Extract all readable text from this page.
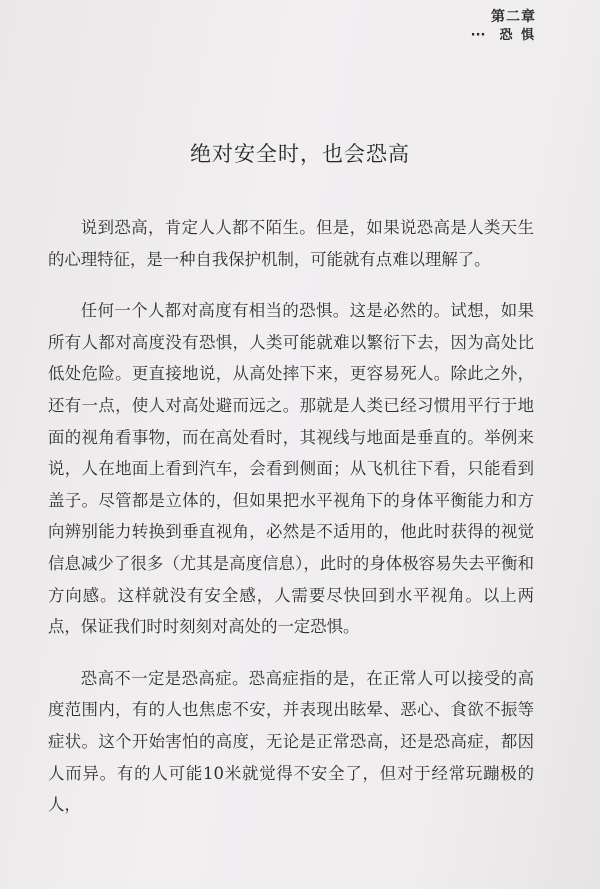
第二章
··· 恐 惧
绝对安全时，也会恐高

说到恐高，肯定人人都不陌生。但是，如果说恐高是人类天生的心理特征，是一种自我保护机制，可能就有点难以理解了。

任何一个人都对高度有相当的恐惧。这是必然的。试想，如果所有人都对高度没有恐惧，人类可能就难以繁衍下去，因为高处比低处危险。更直接地说，从高处摔下来，更容易死人。除此之外，还有一点，使人对高处避而远之。那就是人类已经习惯用平行于地面的视角看事物，而在高处看时，其视线与地面是垂直的。举例来说，人在地面上看到汽车，会看到侧面；从飞机往下看，只能看到盖子。尽管都是立体的，但如果把水平视角下的身体平衡能力和方向辨别能力转换到垂直视角，必然是不适用的，他此时获得的视觉信息减少了很多（尤其是高度信息），此时的身体极容易失去平衡和方向感。这样就没有安全感，人需要尽快回到水平视角。以上两点，保证我们时时刻刻对高处的一定恐惧。

恐高不一定是恐高症。恐高症指的是，在正常人可以接受的高度范围内，有的人也焦虑不安，并表现出眩晕、恶心、食欲不振等症状。这个开始害怕的高度，无论是正常恐高，还是恐高症，都因人而异。有的人可能10米就觉得不安全了，但对于经常玩蹦极的人，
